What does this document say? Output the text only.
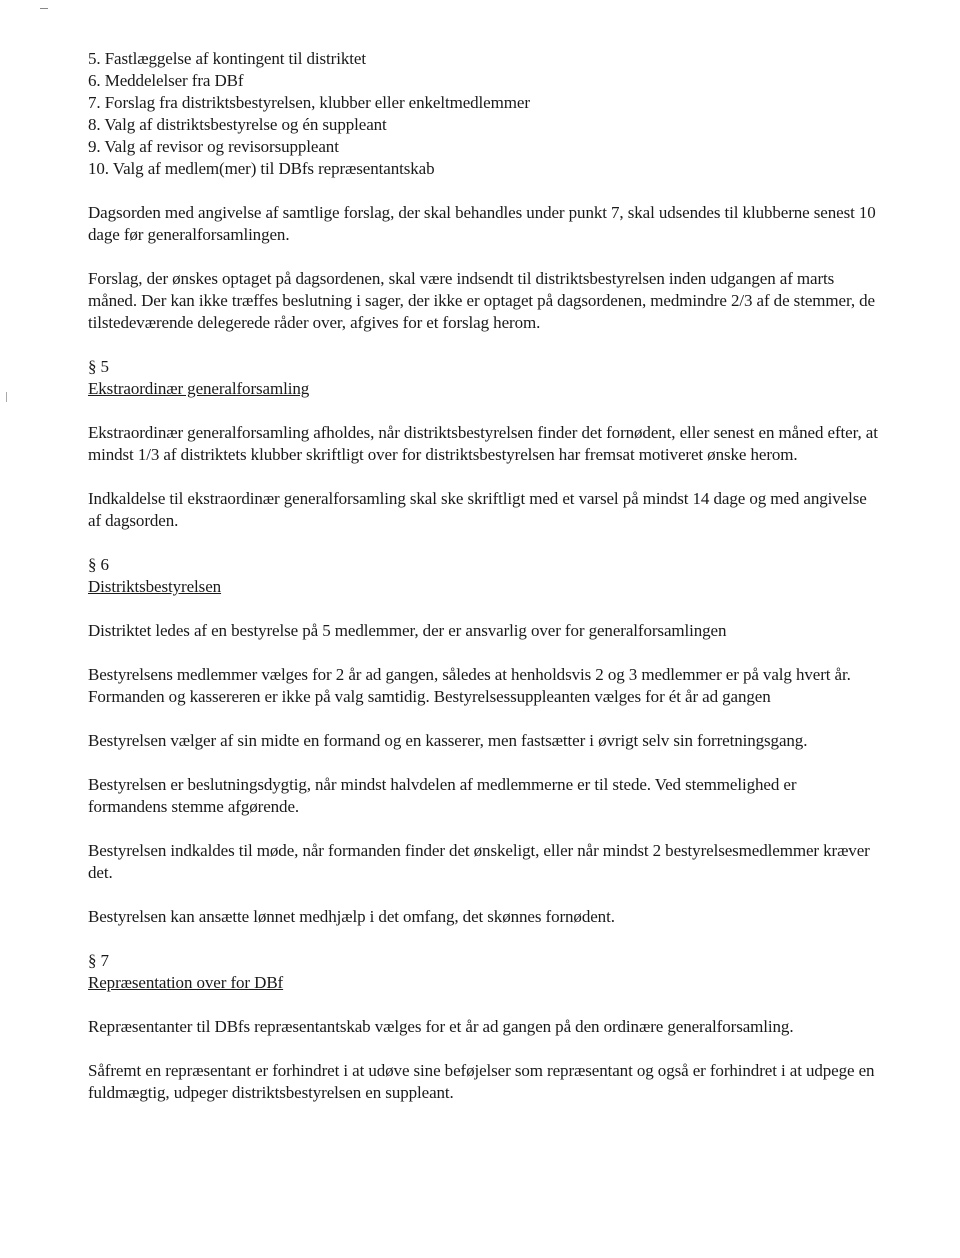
5. Fastlæggelse af kontingent til distriktet
6. Meddelelser fra DBf
7. Forslag fra distriktsbestyrelsen, klubber eller enkeltmedlemmer
8. Valg af distriktsbestyrelse og én suppleant
9. Valg af revisor og revisorsuppleant
10. Valg af medlem(mer) til DBfs repræsentantskab

Dagsorden med angivelse af samtlige forslag, der skal behandles under punkt 7, skal udsendes til klubberne senest 10 dage før generalforsamlingen.

Forslag, der ønskes optaget på dagsordenen, skal være indsendt til distriktsbestyrelsen inden udgangen af marts måned. Der kan ikke træffes beslutning i sager, der ikke er optaget på dagsordenen, medmindre 2/3 af de stemmer, de tilstedeværende delegerede råder over, afgives for et forslag herom.

§ 5

Ekstraordinær generalforsamling

Ekstraordinær generalforsamling afholdes, når distriktsbestyrelsen finder det fornødent, eller senest en måned efter, at mindst 1/3 af distriktets klubber skriftligt over for distriktsbestyrelsen har fremsat motiveret ønske herom.

Indkaldelse til ekstraordinær generalforsamling skal ske skriftligt med et varsel på mindst 14 dage og med angivelse af dagsorden.

§ 6

Distriktsbestyrelsen

Distriktet ledes af en bestyrelse på 5 medlemmer, der er ansvarlig over for generalforsamlingen

Bestyrelsens medlemmer vælges for 2 år ad gangen, således at henholdsvis 2 og 3 medlemmer er på valg hvert år. Formanden og kassereren er ikke på valg samtidig. Bestyrelsessuppleanten vælges for ét år ad gangen

Bestyrelsen vælger af sin midte en formand og en kasserer, men fastsætter i øvrigt selv sin forretningsgang.

Bestyrelsen er beslutningsdygtig, når mindst halvdelen af medlemmerne er til stede. Ved stemmelighed er formandens stemme afgørende.

Bestyrelsen indkaldes til møde, når formanden finder det ønskeligt, eller når mindst 2 bestyrelsesmedlemmer kræver det.

Bestyrelsen kan ansætte lønnet medhjælp i det omfang, det skønnes fornødent.

§ 7

Repræsentation over for DBf

Repræsentanter til DBfs repræsentantskab vælges for et år ad gangen på den ordinære generalforsamling.

Såfremt en repræsentant er forhindret i at udøve sine beføjelser som repræsentant og også er forhindret i at udpege en fuldmægtig, udpeger distriktsbestyrelsen en suppleant.
